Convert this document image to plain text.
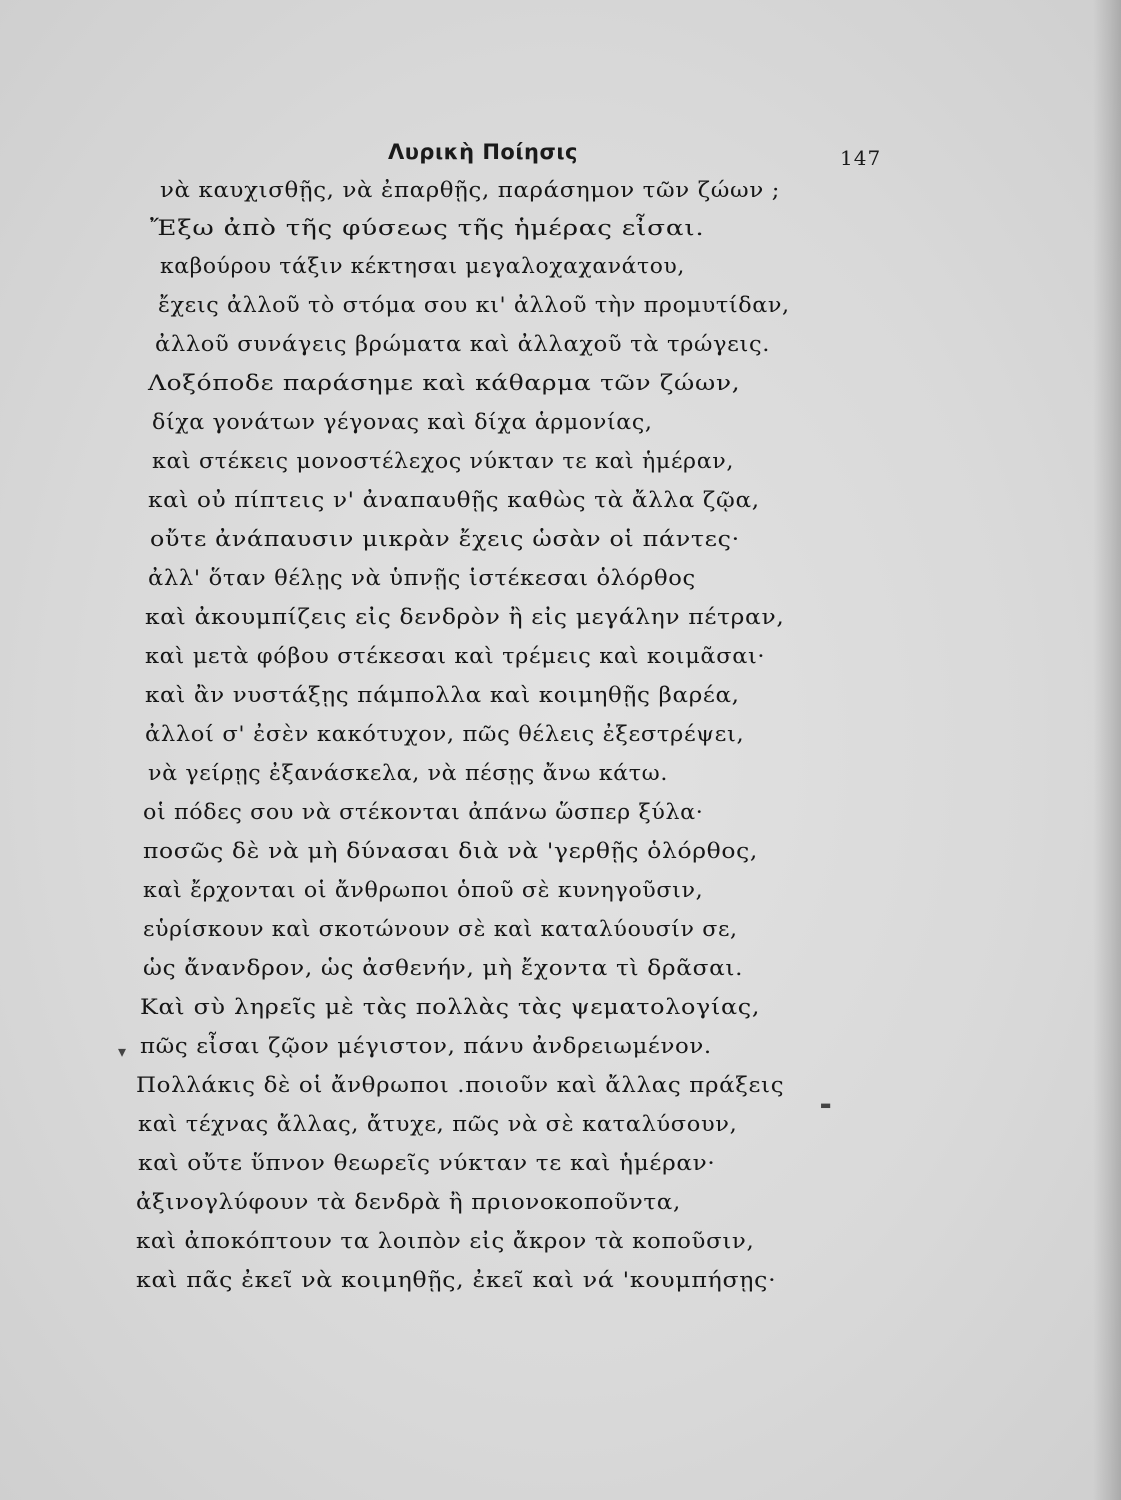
Λυρικὴ Ποίησις	147
νὰ καυχισθῇς, νὰ ἐπαρθῇς, παράσημον τῶν ζώων ;
Ἔξω ἀπὸ τῆς φύσεως τῆς ἡμέρας εἶσαι.
καβούρου τάξιν κέκτησαι μεγαλοχαχανάτου,
ἔχεις ἀλλοῦ τὸ στόμα σου κι' ἀλλοῦ τὴν προμυτίδαν,
ἀλλοῦ συνάγεις βρώματα καὶ ἀλλαχοῦ τὰ τρώγεις.
Λοξόποδε παράσημε καὶ κάθαρμα τῶν ζώων,
δίχα γονάτων γέγονας καὶ δίχα ἁρμονίας,
καὶ στέκεις μονοστέλεχος νύκταν τε καὶ ἡμέραν,
καὶ οὐ πίπτεις ν' ἀναπαυθῇς καθὼς τὰ ἄλλα ζῷα,
οὔτε ἀνάπαυσιν μικρὰν ἔχεις ὡσὰν οἱ πάντες·
ἀλλ' ὅταν θέλῃς νὰ ὑπνῇς ἱστέκεσαι ὁλόρθος
καὶ ἀκουμπίζεις εἰς δενδρὸν ἢ εἰς μεγάλην πέτραν,
καὶ μετὰ φόβου στέκεσαι καὶ τρέμεις καὶ κοιμᾶσαι·
καὶ ἂν νυστάξῃς πάμπολλα καὶ κοιμηθῇς βαρέα,
ἀλλοί σ' ἐσὲν κακότυχον, πῶς θέλεις ἐξεστρέψει,
νὰ γείρῃς ἐξανάσκελα, νὰ πέσῃς ἄνω κάτω.
οἱ πόδες σου νὰ στέκονται ἀπάνω ὥσπερ ξύλα·
ποσῶς δὲ νὰ μὴ δύνασαι διὰ νὰ 'γερθῇς ὁλόρθος,
καὶ ἔρχονται οἱ ἄνθρωποι ὁποῦ σὲ κυνηγοῦσιν,
εὑρίσκουν καὶ σκοτώνουν σὲ καὶ καταλύουσίν σε,
ὡς ἄνανδρον, ὡς ἀσθενήν, μὴ ἔχοντα τὶ δρᾶσαι.
Καὶ σὺ ληρεῖς μὲ τὰς πολλὰς τὰς ψεματολογίας,
πῶς εἶσαι ζῷον μέγιστον, πάνυ ἀνδρειωμένον.
Πολλάκις δὲ οἱ ἄνθρωποι .ποιοῦν καὶ ἄλλας πράξεις
καὶ τέχνας ἄλλας, ἄτυχε, πῶς νὰ σὲ καταλύσουν,
καὶ οὔτε ὕπνον θεωρεῖς νύκταν τε καὶ ἡμέραν·
ἀξινογλύφουν τὰ δενδρὰ ἢ πριονοκοποῦντα,
καὶ ἀποκόπτουν τα λοιπὸν εἰς ἄκρον τὰ κοποῦσιν,
καὶ πᾶς ἐκεῖ νὰ κοιμηθῇς, ἐκεῖ καὶ νά 'κουμπήσῃς·
▾
▬
